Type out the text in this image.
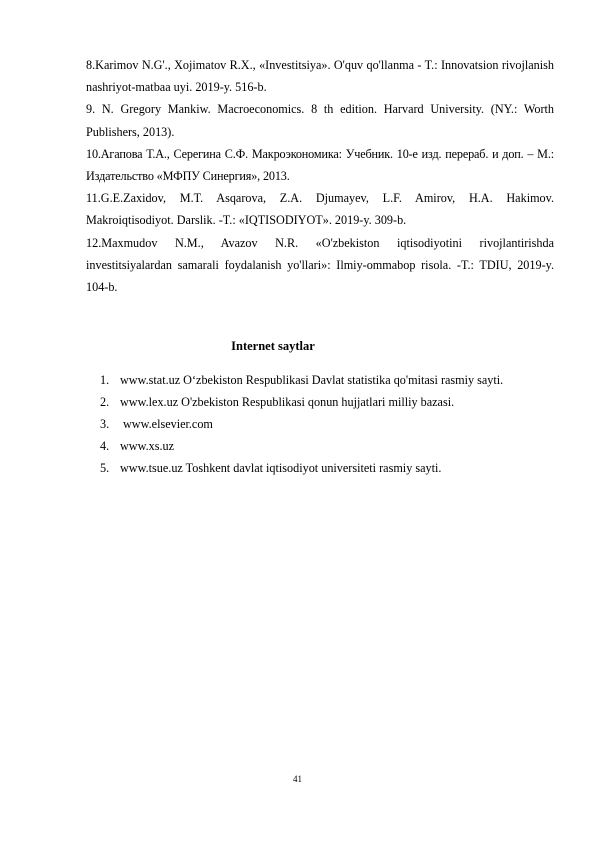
8.Karimov N.G'., Xojimatov R.X., «Investitsiya». O'quv qo'llanma - T.: Innovatsion rivojlanish nashriyot-matbaa uyi. 2019-y. 516-b.

9. N. Gregory Mankiw. Macroeconomics. 8 th edition. Harvard University. (NY.: Worth Publishers, 2013).

10.Агапова Т.А., Серегина С.Ф. Макроэкономика: Учебник. 10-е изд. перераб. и доп. – М.: Издательство «МФПУ Синергия», 2013.

11.G.E.Zaxidov, M.T. Asqarova, Z.A. Djumayev, L.F. Amirov, H.A. Hakimov. Makroiqtisodiyot. Darslik. -T.: «IQTISODIYOT». 2019-y. 309-b.

12.Maxmudov N.M., Avazov N.R. «O'zbekiston iqtisodiyotini rivojlantirishda investitsiyalardan samarali foydalanish yo'llari»: Ilmiy-ommabop risola. -T.: TDIU, 2019-y. 104-b.

Internet saytlar
1. www.stat.uz O‘zbekiston Respublikasi Davlat statistika qo'mitasi rasmiy sayti.
2. www.lex.uz O'zbekiston Respublikasi qonun hujjatlari milliy bazasi.
3. www.elsevier.com
4. www.xs.uz
5. www.tsue.uz Toshkent davlat iqtisodiyot universiteti rasmiy sayti.
41
